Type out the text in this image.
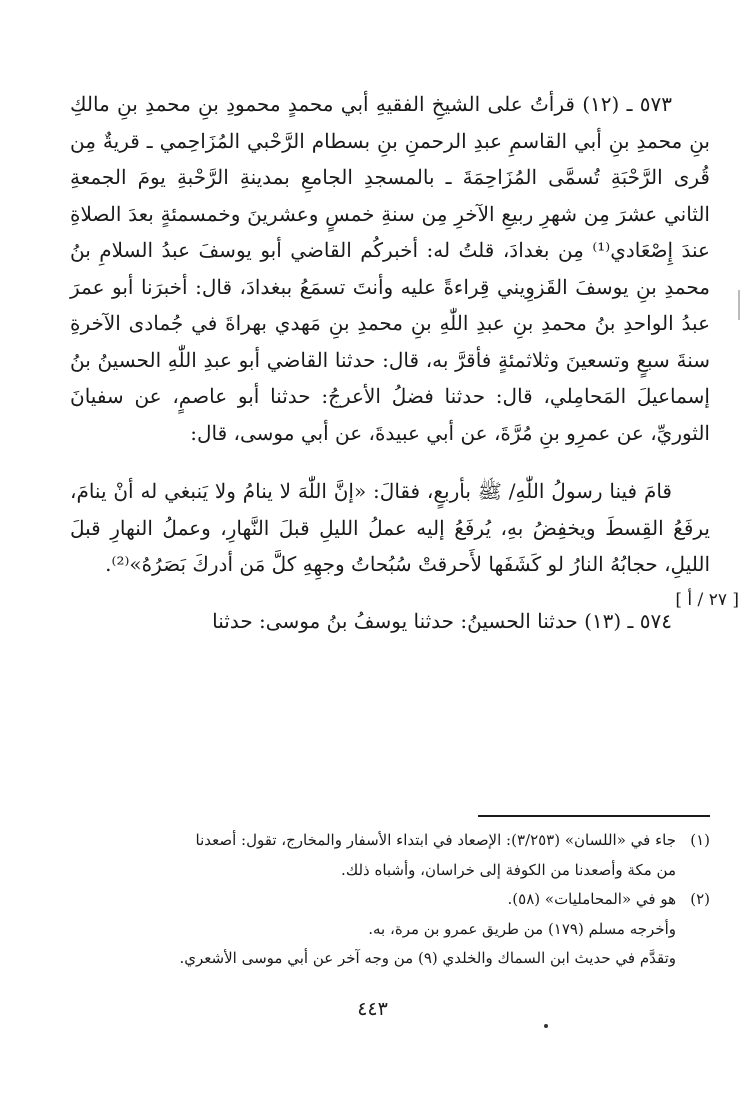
٥٧٣ ـ (١٢) قرأتُ على الشيخِ الفقيهِ أبي محمدٍ محمودِ بنِ محمدِ بنِ مالكِ بنِ محمدِ بنِ أبي القاسمِ عبدِ الرحمنِ بنِ بسطام الرَّحْبي المُزَاحِمي ـ قريةٌ مِن قُرى الرَّحْبَةِ تُسمَّى المُزَاحِمَةَ ـ بالمسجدِ الجامعِ بمدينةِ الرَّحْبةِ يومَ الجمعةِ الثاني عشرَ مِن شهرِ ربيعِ الآخرِ مِن سنةِ خمسٍ وعشرينَ وخمسمئةٍ بعدَ الصلاةِ عندَ إِصْعَادي⁽¹⁾ مِن بغدادَ، قلتُ له: أخبركُم القاضي أبو يوسفَ عبدُ السلامِ بنُ محمدِ بنِ يوسفَ القَزوِيني قِراءةً عليه وأنتَ تسمَعُ ببغدادَ، قال: أخبرَنا أبو عمرَ عبدُ الواحدِ بنُ محمدِ بنِ عبدِ اللّٰهِ بنِ محمدِ بنِ مَهدي بهراةَ في جُمادى الآخرةِ سنةَ سبعٍ وتسعينَ وثلاثمئةٍ فأقرَّ به، قال: حدثنا القاضي أبو عبدِ اللّٰهِ الحسينُ بنُ إسماعيلَ المَحامِلي، قال: حدثنا فضلُ الأعرجُ: حدثنا أبو عاصمٍ، عن سفيانَ الثوريِّ، عن عمرِو بنِ مُرَّةَ، عن أبي عبيدةَ، عن أبي موسى، قال:

قامَ فينا رسولُ اللّٰهِ/ ﷺ بأربعٍ، فقالَ: «إنَّ اللّٰهَ لا ينامُ ولا يَنبغي له أنْ ينامَ، يرفَعُ القِسطَ ويخفِضُ بهِ، يُرفَعُ إليه عملُ الليلِ قبلَ النَّهارِ، وعملُ النهارِ قبلَ الليلِ، حجابُهُ النارُ لو كَشَفَها لأَحرقتْ سُبُحاتُ وجهِهِ كلَّ مَن أدركَ بَصَرُهُ»⁽²⁾.

٥٧٤ ـ (١٣) حدثنا الحسينُ: حدثنا يوسفُ بنُ موسى: حدثنا

[ ٢٧ / أ ]

(١)جاء في «اللسان» (٣/٢٥٣): الإصعاد في ابتداء الأسفار والمخارج، تقول: أصعدنا

من مكة وأصعدنا من الكوفة إلى خراسان، وأشباه ذلك.

(٢)هو في «المحامليات» (٥٨).

وأخرجه مسلم (١٧٩) من طريق عمرو بن مرة، به.

وتقدَّم في حديث ابن السماك والخلدي (٩) من وجه آخر عن أبي موسى الأشعري.

٤٤٣
